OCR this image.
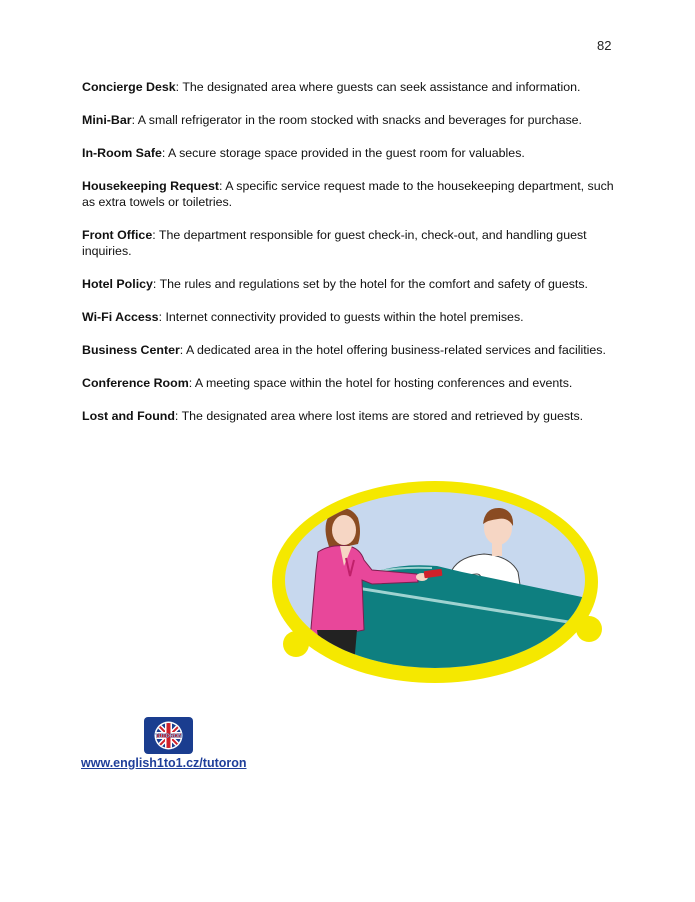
82
Concierge Desk: The designated area where guests can seek assistance and information.
Mini-Bar: A small refrigerator in the room stocked with snacks and beverages for purchase.
In-Room Safe: A secure storage space provided in the guest room for valuables.
Housekeeping Request: A specific service request made to the housekeeping department, such as extra towels or toiletries.
Front Office: The department responsible for guest check-in, check-out, and handling guest inquiries.
Hotel Policy: The rules and regulations set by the hotel for the comfort and safety of guests.
Wi-Fi Access: Internet connectivity provided to guests within the hotel premises.
Business Center: A dedicated area in the hotel offering business-related services and facilities.
Conference Room: A meeting space within the hotel for hosting conferences and events.
Lost and Found: The designated area where lost items are stored and retrieved by guests.
TUTORON
www.english1to1.cz/tutoron
